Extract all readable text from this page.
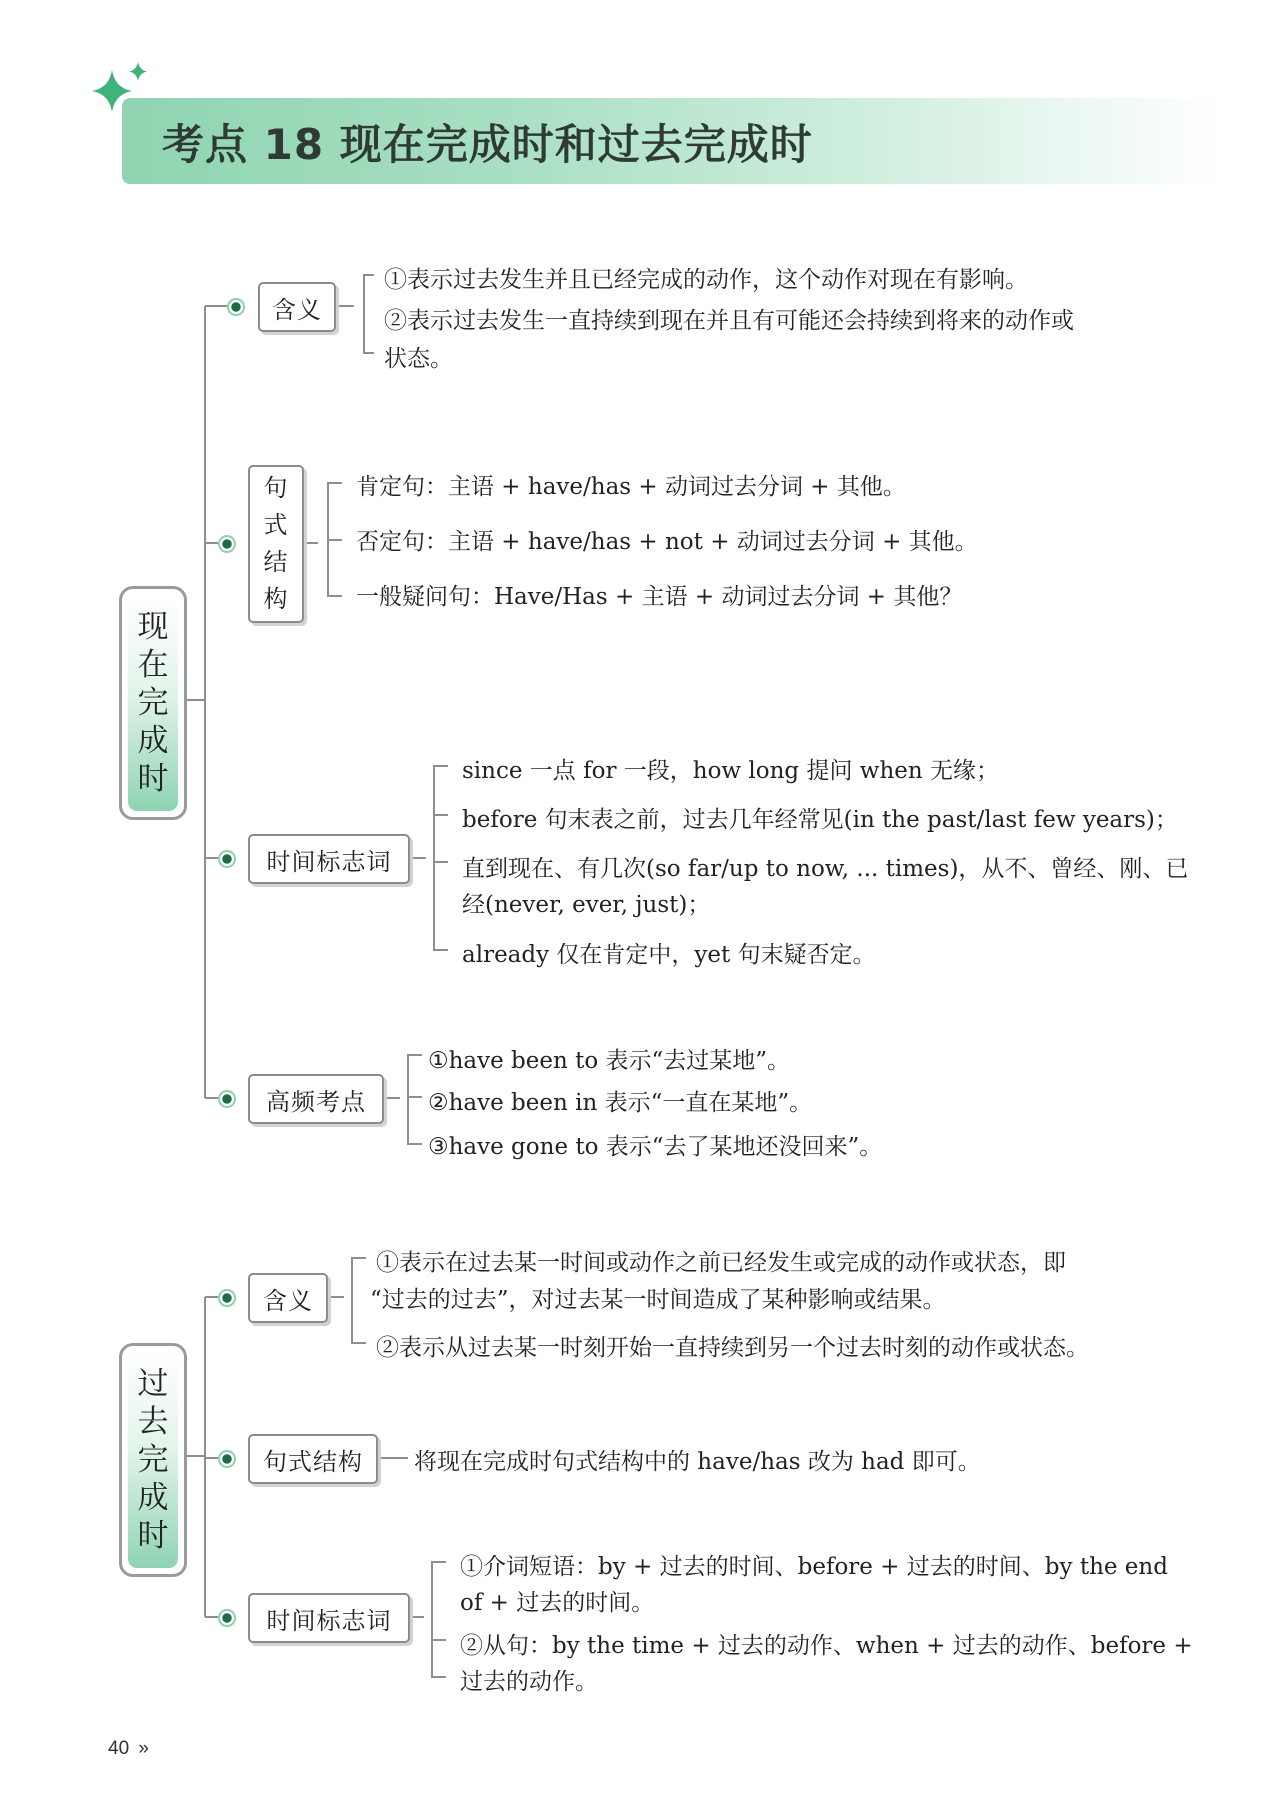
考点 18 现在完成时和过去完成时
现
在
完
成
时
含义
①表示过去发生并且已经完成的动作，这个动作对现在有影响。
②表示过去发生一直持续到现在并且有可能还会持续到将来的动作或
状态。
句
式
结
构
肯定句：主语 + have/has + 动词过去分词 + 其他。
否定句：主语 + have/has + not + 动词过去分词 + 其他。
一般疑问句：Have/Has + 主语 + 动词过去分词 + 其他？
时间标志词
since 一点 for 一段，how long 提问 when 无缘；
before 句末表之前，过去几年经常见(in the past/last few years)；
直到现在、有几次(so far/up to now, ... times)，从不、曾经、刚、已
经(never, ever, just)；
already 仅在肯定中，yet 句末疑否定。
高频考点
①have been to 表示“去过某地”。
②have been in 表示“一直在某地”。
③have gone to 表示“去了某地还没回来”。
过
去
完
成
时
含义
①表示在过去某一时间或动作之前已经发生或完成的动作或状态，即
“过去的过去”，对过去某一时间造成了某种影响或结果。
②表示从过去某一时刻开始一直持续到另一个过去时刻的动作或状态。
句式结构	将现在完成时句式结构中的 have/has 改为 had 即可。
时间标志词
①介词短语：by + 过去的时间、before + 过去的时间、by the end
of + 过去的时间。
②从句：by the time + 过去的动作、when + 过去的动作、before +
过去的动作。
40 »
